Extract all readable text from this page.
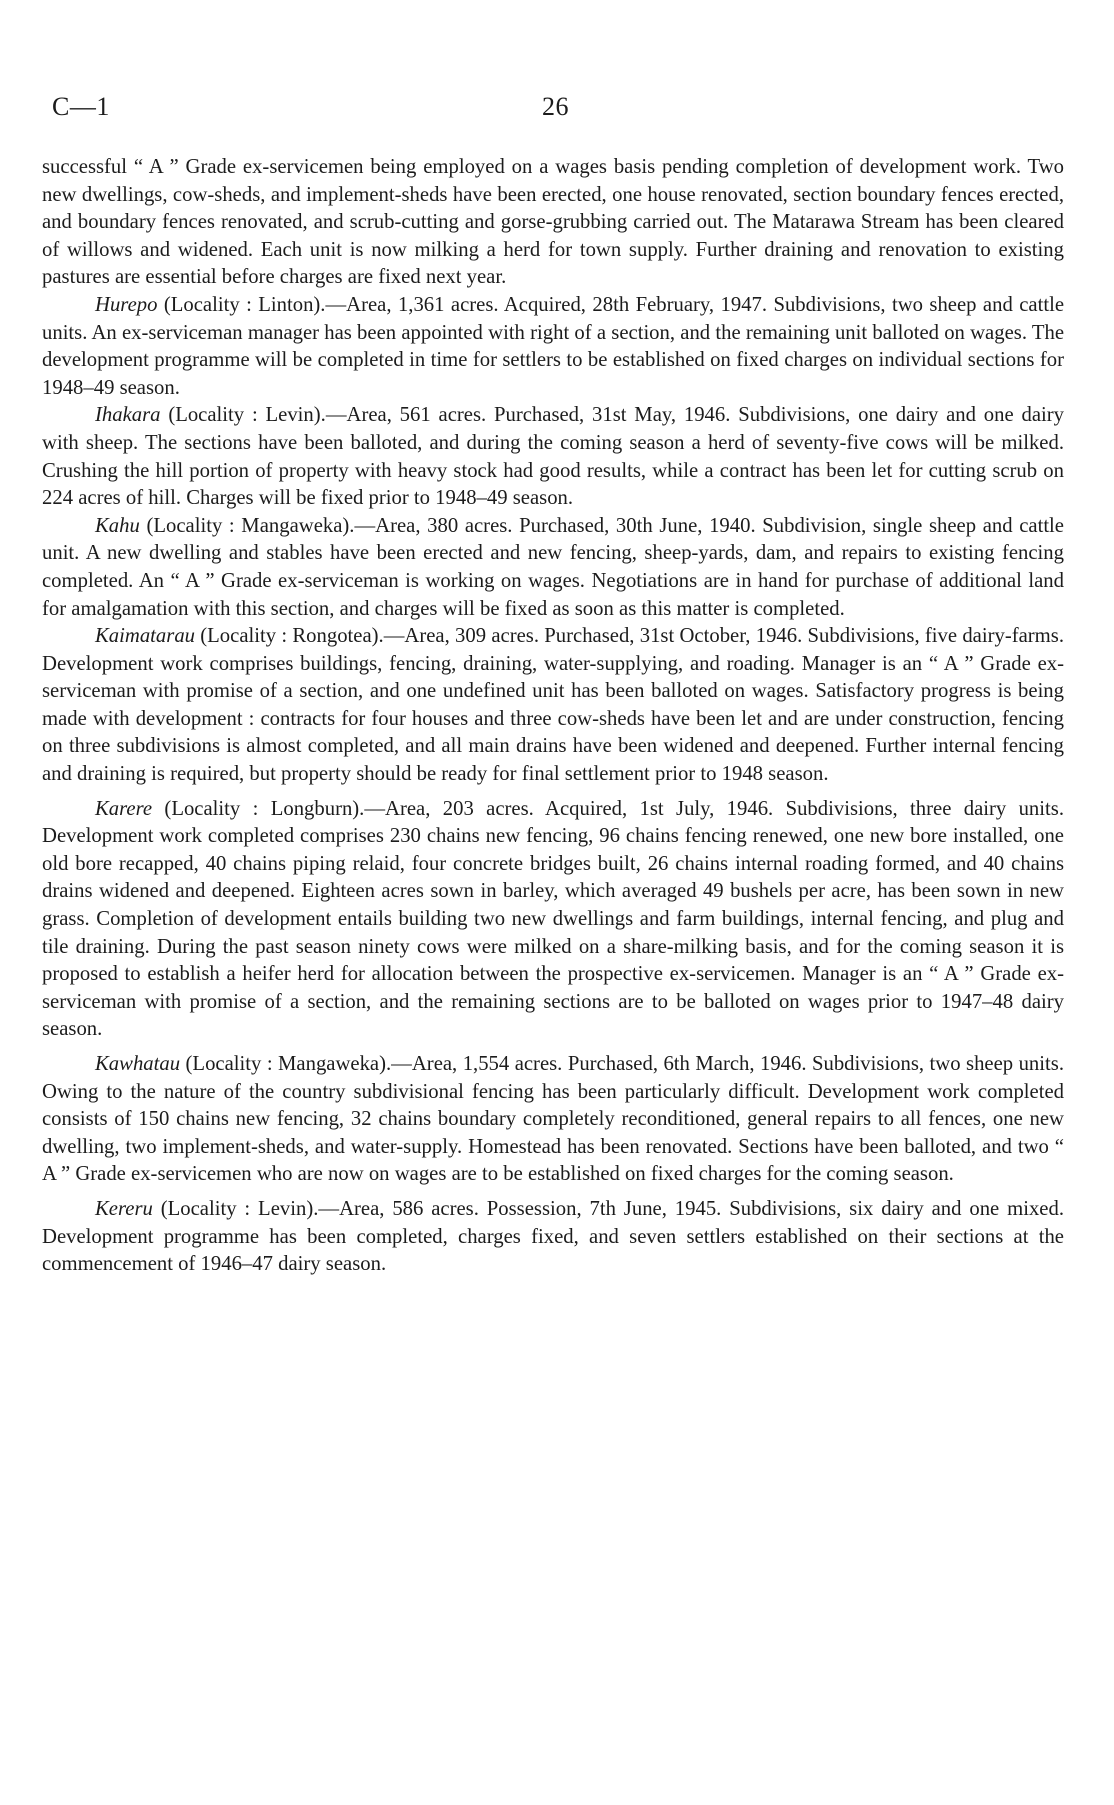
C—1	26

successful “ A ” Grade ex-servicemen being employed on a wages basis pending completion of development work. Two new dwellings, cow-sheds, and implement-sheds have been erected, one house renovated, section boundary fences erected, and boundary fences renovated, and scrub-cutting and gorse-grubbing carried out. The Matarawa Stream has been cleared of willows and widened. Each unit is now milking a herd for town supply. Further draining and renovation to existing pastures are essential before charges are fixed next year.

Hurepo (Locality : Linton).—Area, 1,361 acres. Acquired, 28th February, 1947. Subdivisions, two sheep and cattle units. An ex-serviceman manager has been appointed with right of a section, and the remaining unit balloted on wages. The development programme will be completed in time for settlers to be established on fixed charges on individual sections for 1948–49 season.

Ihakara (Locality : Levin).—Area, 561 acres. Purchased, 31st May, 1946. Subdivisions, one dairy and one dairy with sheep. The sections have been balloted, and during the coming season a herd of seventy-five cows will be milked. Crushing the hill portion of property with heavy stock had good results, while a contract has been let for cutting scrub on 224 acres of hill. Charges will be fixed prior to 1948–49 season.

Kahu (Locality : Mangaweka).—Area, 380 acres. Purchased, 30th June, 1940. Subdivision, single sheep and cattle unit. A new dwelling and stables have been erected and new fencing, sheep-yards, dam, and repairs to existing fencing completed. An “ A ” Grade ex-serviceman is working on wages. Negotiations are in hand for purchase of additional land for amalgamation with this section, and charges will be fixed as soon as this matter is completed.

Kaimatarau (Locality : Rongotea).—Area, 309 acres. Purchased, 31st October, 1946. Subdivisions, five dairy-farms. Development work comprises buildings, fencing, draining, water-supplying, and roading. Manager is an “ A ” Grade ex-serviceman with promise of a section, and one undefined unit has been balloted on wages. Satisfactory progress is being made with development : contracts for four houses and three cow-sheds have been let and are under construction, fencing on three subdivisions is almost completed, and all main drains have been widened and deepened. Further internal fencing and draining is required, but property should be ready for final settlement prior to 1948 season.

Karere (Locality : Longburn).—Area, 203 acres. Acquired, 1st July, 1946. Subdivisions, three dairy units. Development work completed comprises 230 chains new fencing, 96 chains fencing renewed, one new bore installed, one old bore recapped, 40 chains piping relaid, four concrete bridges built, 26 chains internal roading formed, and 40 chains drains widened and deepened. Eighteen acres sown in barley, which averaged 49 bushels per acre, has been sown in new grass. Completion of development entails building two new dwellings and farm buildings, internal fencing, and plug and tile draining. During the past season ninety cows were milked on a share-milking basis, and for the coming season it is proposed to establish a heifer herd for allocation between the prospective ex-servicemen. Manager is an “ A ” Grade ex-serviceman with promise of a section, and the remaining sections are to be balloted on wages prior to 1947–48 dairy season.

Kawhatau (Locality : Mangaweka).—Area, 1,554 acres. Purchased, 6th March, 1946. Subdivisions, two sheep units. Owing to the nature of the country subdivisional fencing has been particularly difficult. Development work completed consists of 150 chains new fencing, 32 chains boundary completely reconditioned, general repairs to all fences, one new dwelling, two implement-sheds, and water-supply. Homestead has been renovated. Sections have been balloted, and two “ A ” Grade ex-servicemen who are now on wages are to be established on fixed charges for the coming season.

Kereru (Locality : Levin).—Area, 586 acres. Possession, 7th June, 1945. Subdivisions, six dairy and one mixed. Development programme has been completed, charges fixed, and seven settlers established on their sections at the commencement of 1946–47 dairy season.
